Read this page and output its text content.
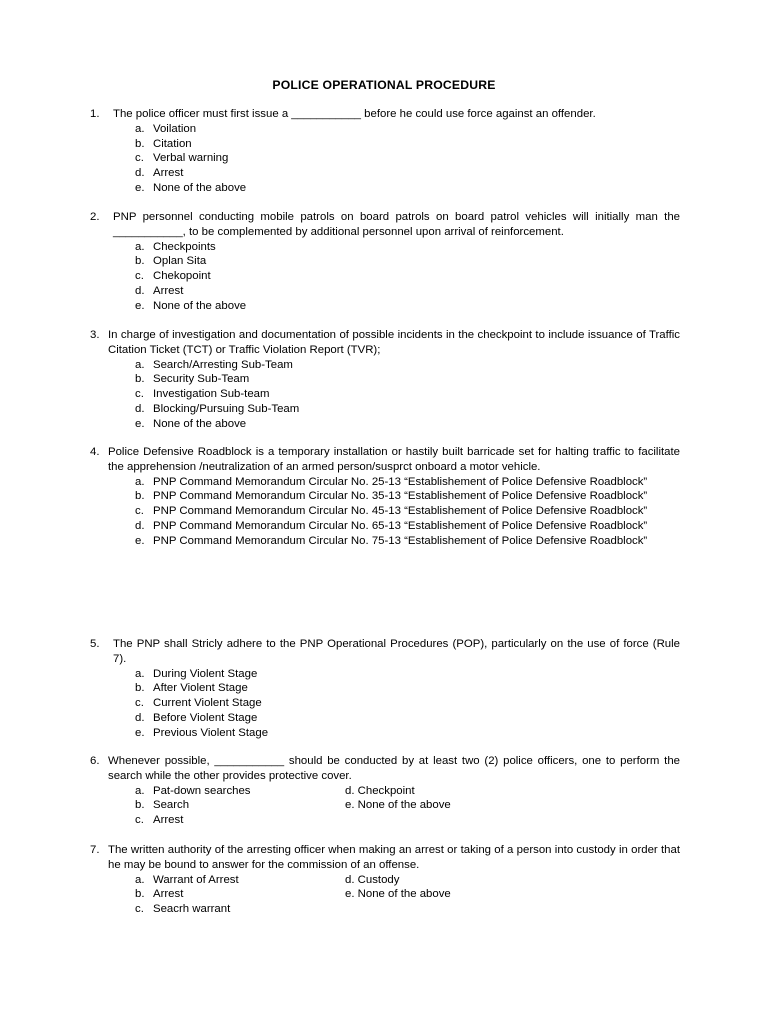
POLICE OPERATIONAL PROCEDURE
1.	The police officer must first issue a ___________ before he could use force against an offender.
a. Voilation
b. Citation
c. Verbal warning
d. Arrest
e. None of the above
2.	PNP personnel conducting mobile patrols on board patrols on board patrol vehicles will initially man the ___________, to be complemented by additional personnel upon arrival of reinforcement.
a. Checkpoints
b. Oplan Sita
c. Chekopoint
d. Arrest
e. None of the above
3. In charge of investigation and documentation of possible incidents in the checkpoint to include issuance of Traffic Citation Ticket (TCT) or Traffic Violation Report (TVR);
a. Search/Arresting Sub-Team
b. Security Sub-Team
c. Investigation Sub-team
d. Blocking/Pursuing Sub-Team
e. None of the above
4. Police Defensive Roadblock is a temporary installation or hastily built barricade set for halting traffic to facilitate the apprehension /neutralization of an armed person/susprct onboard a motor vehicle.
a. PNP Command Memorandum Circular No. 25-13 “Establishement of Police Defensive Roadblock”
b. PNP Command Memorandum Circular No. 35-13 “Establishement of Police Defensive Roadblock”
c. PNP Command Memorandum Circular No. 45-13 “Establishement of Police Defensive Roadblock”
d. PNP Command Memorandum Circular No. 65-13 “Establishement of Police Defensive Roadblock”
e. PNP Command Memorandum Circular No. 75-13 “Establishement of Police Defensive Roadblock”
5.	The PNP shall Stricly adhere to the PNP Operational Procedures (POP), particularly on the use of force (Rule 7).
a. During Violent Stage
b. After Violent Stage
c. Current Violent Stage
d. Before Violent Stage
e. Previous Violent Stage
6. Whenever possible, ___________ should be conducted by at least two (2) police officers, one to perform the search while the other provides protective cover.
a. Pat-down searches	d. Checkpoint
b. Search	e. None of the above
c. Arrest
7. The written authority of the arresting officer when making an arrest or taking of a person into custody in order that he may be bound to answer for the commission of an offense.
a. Warrant of Arrest	d. Custody
b. Arrest	e. None of the above
c. Seacrh warrant
